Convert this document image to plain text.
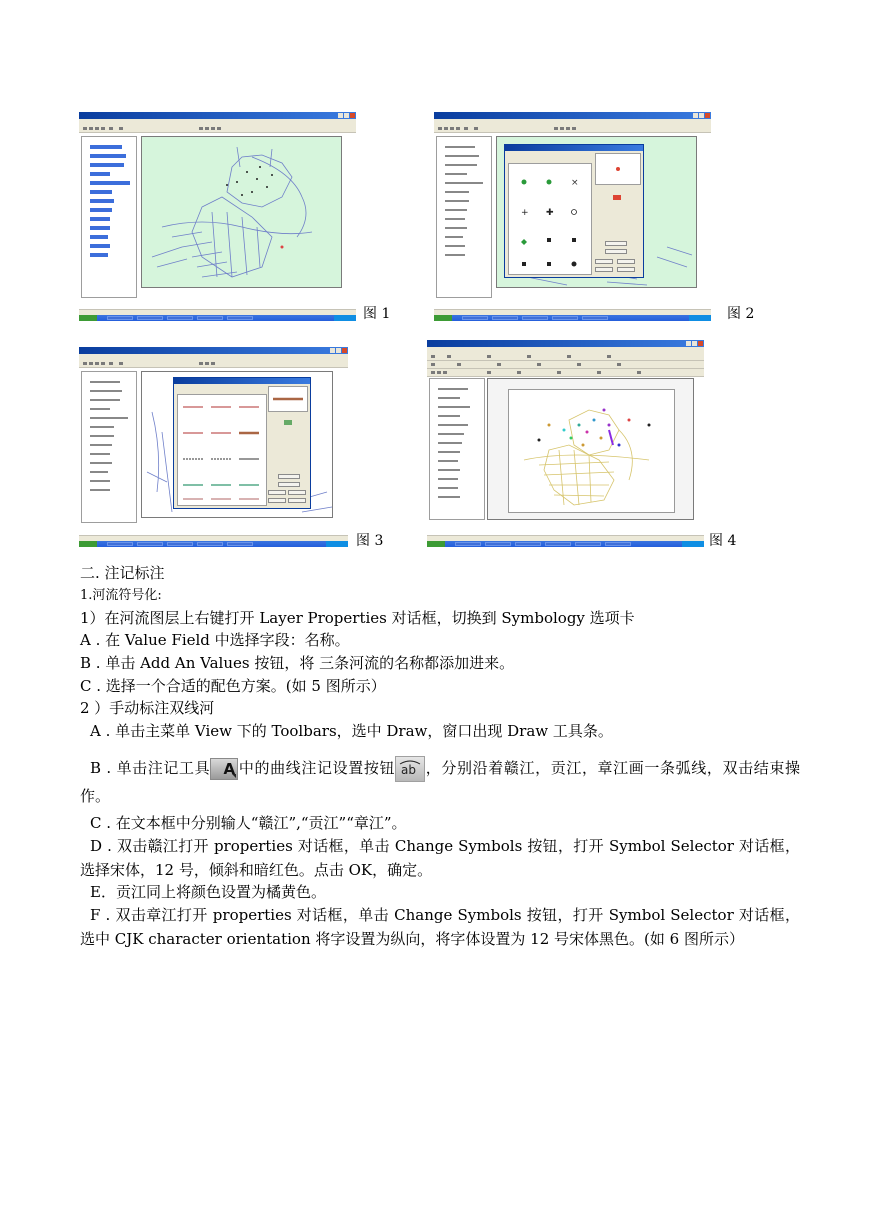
图 1
×
+ ✚
图 2
图 3	图 4
二. 注记标注
1.河流符号化:
1）在河流图层上右键打开 Layer Properties 对话框，切换到 Symbology 选项卡
A . 在 Value Field 中选择字段：名称。
B . 单击 Add An Values 按钮，将 三条河流的名称都添加进来。
C . 选择一个合适的配色方案。(如 5 图所示）
2 ）手动标注双线河
A . 单击主菜单 View 下的 Toolbars，选中 Draw，窗口出现 Draw 工具条。
B . 单击注记工具 A 中的曲线注记设置按钮 ab ，分别沿着赣江，贡江，章江画一条弧线，双击结束操作。
C . 在文本框中分别输人“赣江”,“贡江”“章江”。
D . 双击赣江打开 properties 对话框，单击 Change Symbols 按钮，打开 Symbol Selector 对话框，选择宋体，12 号，倾斜和暗红色。点击 OK，确定。
E．贡江同上将颜色设置为橘黄色。
F . 双击章江打开 properties 对话框，单击 Change Symbols 按钮，打开 Symbol Selector 对话框，选中 CJK character orientation 将字设置为纵向，将字体设置为 12 号宋体黑色。(如 6 图所示）
